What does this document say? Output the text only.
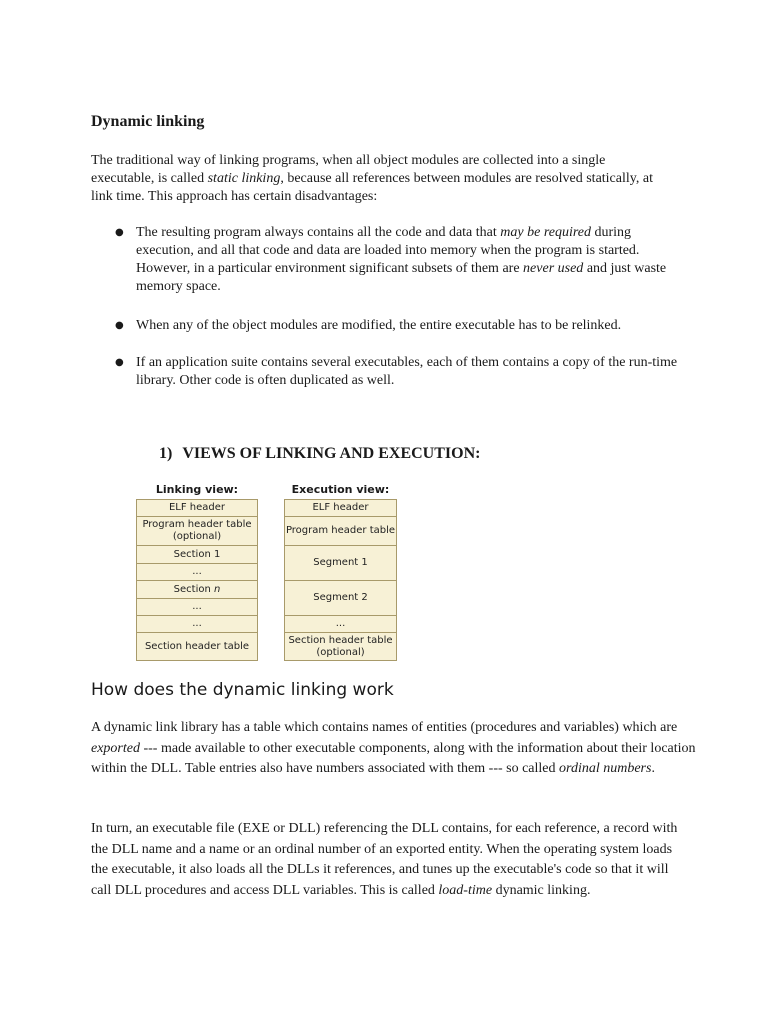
Dynamic linking
The traditional way of linking programs, when all object modules are collected into a single executable, is called static linking, because all references between modules are resolved statically, at link time. This approach has certain disadvantages:
● The resulting program always contains all the code and data that may be required during execution, and all that code and data are loaded into memory when the program is started. However, in a particular environment significant subsets of them are never used and just waste memory space.
● When any of the object modules are modified, the entire executable has to be relinked.
● If an application suite contains several executables, each of them contains a copy of the run-time library. Other code is often duplicated as well.
1) VIEWS OF LINKING AND EXECUTION:
Linking view:
ELF header
Program header table
(optional)
Section 1
...
Section n
...
...
Section header table
Execution view:
ELF header
Program header table
Segment 1
Segment 2
...
Section header table
(optional)
How does the dynamic linking work
A dynamic link library has a table which contains names of entities (procedures and variables) which are exported --- made available to other executable components, along with the information about their location within the DLL. Table entries also have numbers associated with them --- so called ordinal numbers.
In turn, an executable file (EXE or DLL) referencing the DLL contains, for each reference, a record with the DLL name and a name or an ordinal number of an exported entity. When the operating system loads the executable, it also loads all the DLLs it references, and tunes up the executable's code so that it will call DLL procedures and access DLL variables. This is called load-time dynamic linking.
